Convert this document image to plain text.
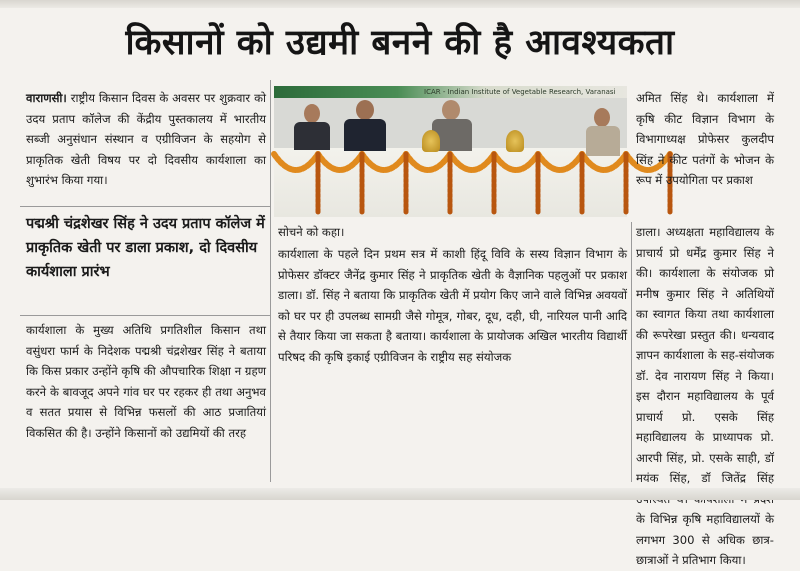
किसानों को उद्यमी बनने की है आवश्यकता

वाराणसी। राष्ट्रीय किसान दिवस के अवसर पर शुक्रवार को उदय प्रताप कॉलेज की केंद्रीय पुस्तकालय में भारतीय सब्जी अनुसंधान संस्थान व एग्रीविजन के सहयोग से प्राकृतिक खेती विषय पर दो दिवसीय कार्यशाला का शुभारंभ किया गया।

पद्मश्री चंद्रशेखर सिंह ने उदय प्रताप कॉलेज में प्राकृतिक खेती पर डाला प्रकाश, दो दिवसीय कार्यशाला प्रारंभ

कार्यशाला के मुख्य अतिथि प्रगतिशील किसान तथा वसुंधरा फार्म के निदेशक पद्मश्री चंद्रशेखर सिंह ने बताया कि किस प्रकार उन्होंने कृषि की औपचारिक शिक्षा न ग्रहण करने के बावजूद अपने गांव घर पर रहकर ही तथा अनुभव व सतत प्रयास से विभिन्न फसलों की आठ प्रजातियां विकसित की है। उन्होंने किसानों को उद्यमियों की तरह

ICAR - Indian Institute of Vegetable Research, Varanasi

सोचने को कहा।

कार्यशाला के पहले दिन प्रथम सत्र में काशी हिंदू विवि के सस्य विज्ञान विभाग के प्रोफेसर डॉक्टर जैनेंद्र कुमार सिंह ने प्राकृतिक खेती के वैज्ञानिक पहलुओं पर प्रकाश डाला। डॉ. सिंह ने बताया कि प्राकृतिक खेती में प्रयोग किए जाने वाले विभिन्न अवयवों को घर पर ही उपलब्ध सामग्री जैसे गोमूत्र, गोबर, दूध, दही, घी, नारियल पानी आदि से तैयार किया जा सकता है बताया। कार्यशाला के प्रायोजक अखिल भारतीय विद्यार्थी परिषद की कृषि इकाई एग्रीविजन के राष्ट्रीय सह संयोजक

अमित सिंह थे। कार्यशाला में कृषि कीट विज्ञान विभाग के विभागाध्यक्ष प्रोफेसर कुलदीप सिंह ने कीट पतंगों के भोजन के रूप में उपयोगिता पर प्रकाश

डाला। अध्यक्षता महाविद्यालय के प्राचार्य प्रो धर्मेंद्र कुमार सिंह ने की। कार्यशाला के संयोजक प्रो मनीष कुमार सिंह ने अतिथियों का स्वागत किया तथा कार्यशाला की रूपरेखा प्रस्तुत की। धन्यवाद ज्ञापन कार्यशाला के सह-संयोजक डॉ. देव नारायण सिंह ने किया। इस दौरान महाविद्यालय के पूर्व प्राचार्य प्रो. एसके सिंह महाविद्यालय के प्राध्यापक प्रो. आरपी सिंह, प्रो. एसके साही, डॉ मयंक सिंह, डॉ जितेंद्र सिंह के विभिन्न कृषि महाविद्यालयों के लगभग 300 से अधिक छात्र-छात्राओं ने प्रतिभाग किया।
